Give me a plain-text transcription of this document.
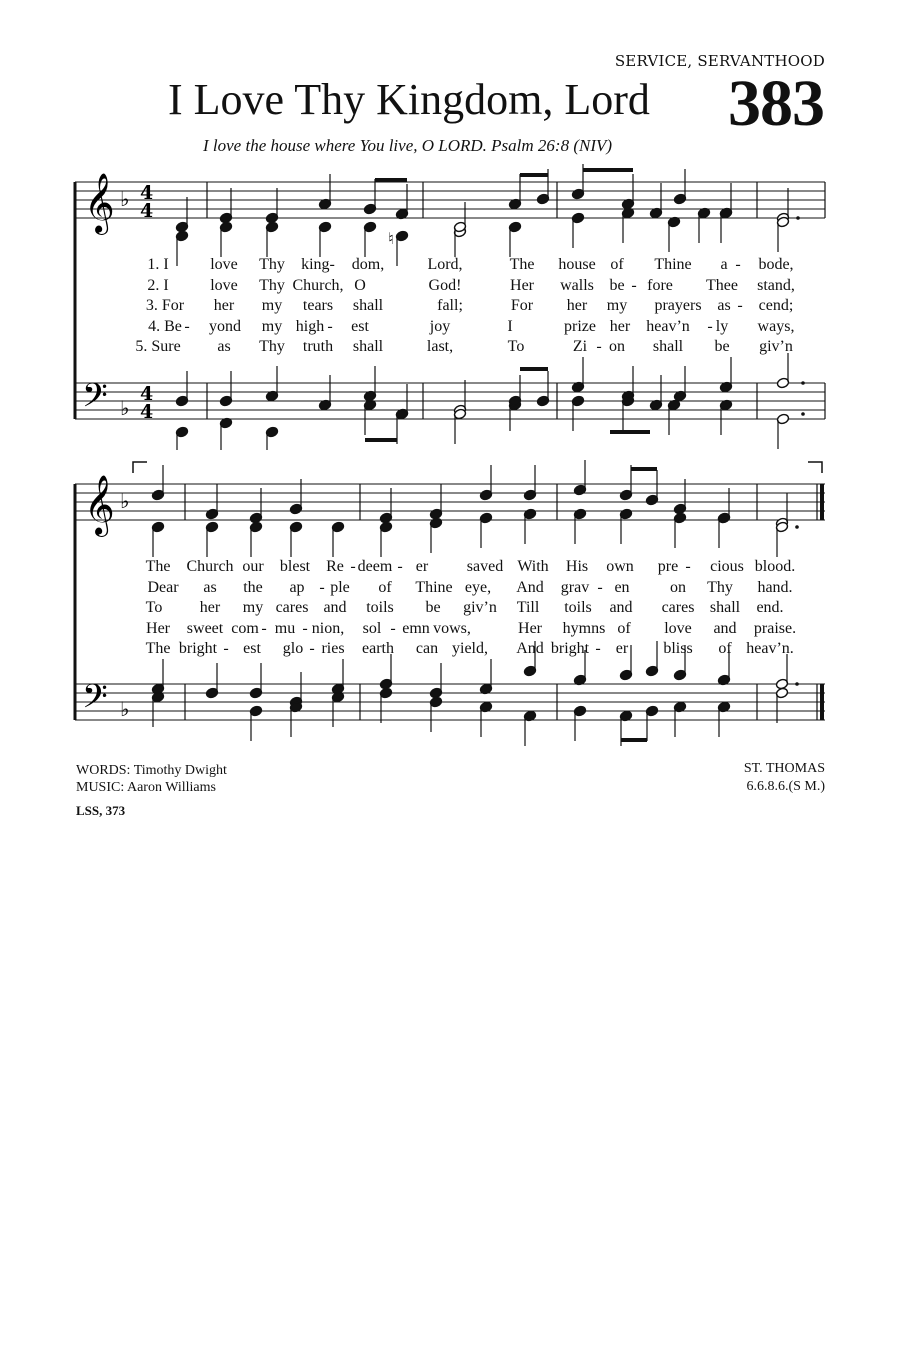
SERVICE, SERVANTHOOD
I Love Thy Kingdom, Lord 383
I love the house where You live, O LORD. Psalm 26:8 (NIV)
𝄞
𝄢
♭
♭
4
4
4
4
♮
1. I	love Thy king- dom,	Lord,	The house of Thine a - bode,
2. I	love Thy Church, O	God!	Her walls be - fore Thee stand,
3. For her my tears shall	fall;	For her my prayers as - cend;
4. Be - yond my high - est	joy	I	prize her heav’n - ly ways,
5. Sure as Thy truth shall	last,	To	Zi - on shall be giv’n
𝄞
𝄢
♭
♭
The Church our blest Re - deem - er saved With His own pre - cious blood.
Dear as the ap - ple of Thine eye, And grav - en	on Thy hand.
To her my cares and toils be giv’n Till toils and cares shall end.
Her sweet com - mu - nion, sol - emn vows,	Her hymns of love and praise.
The bright - est glo - ries earth can yield, And bright - er bliss of heav’n.
WORDS: Timothy Dwight
MUSIC: Aaron Williams
LSS, 373
ST. THOMAS
6.6.8.6.(S M.)
